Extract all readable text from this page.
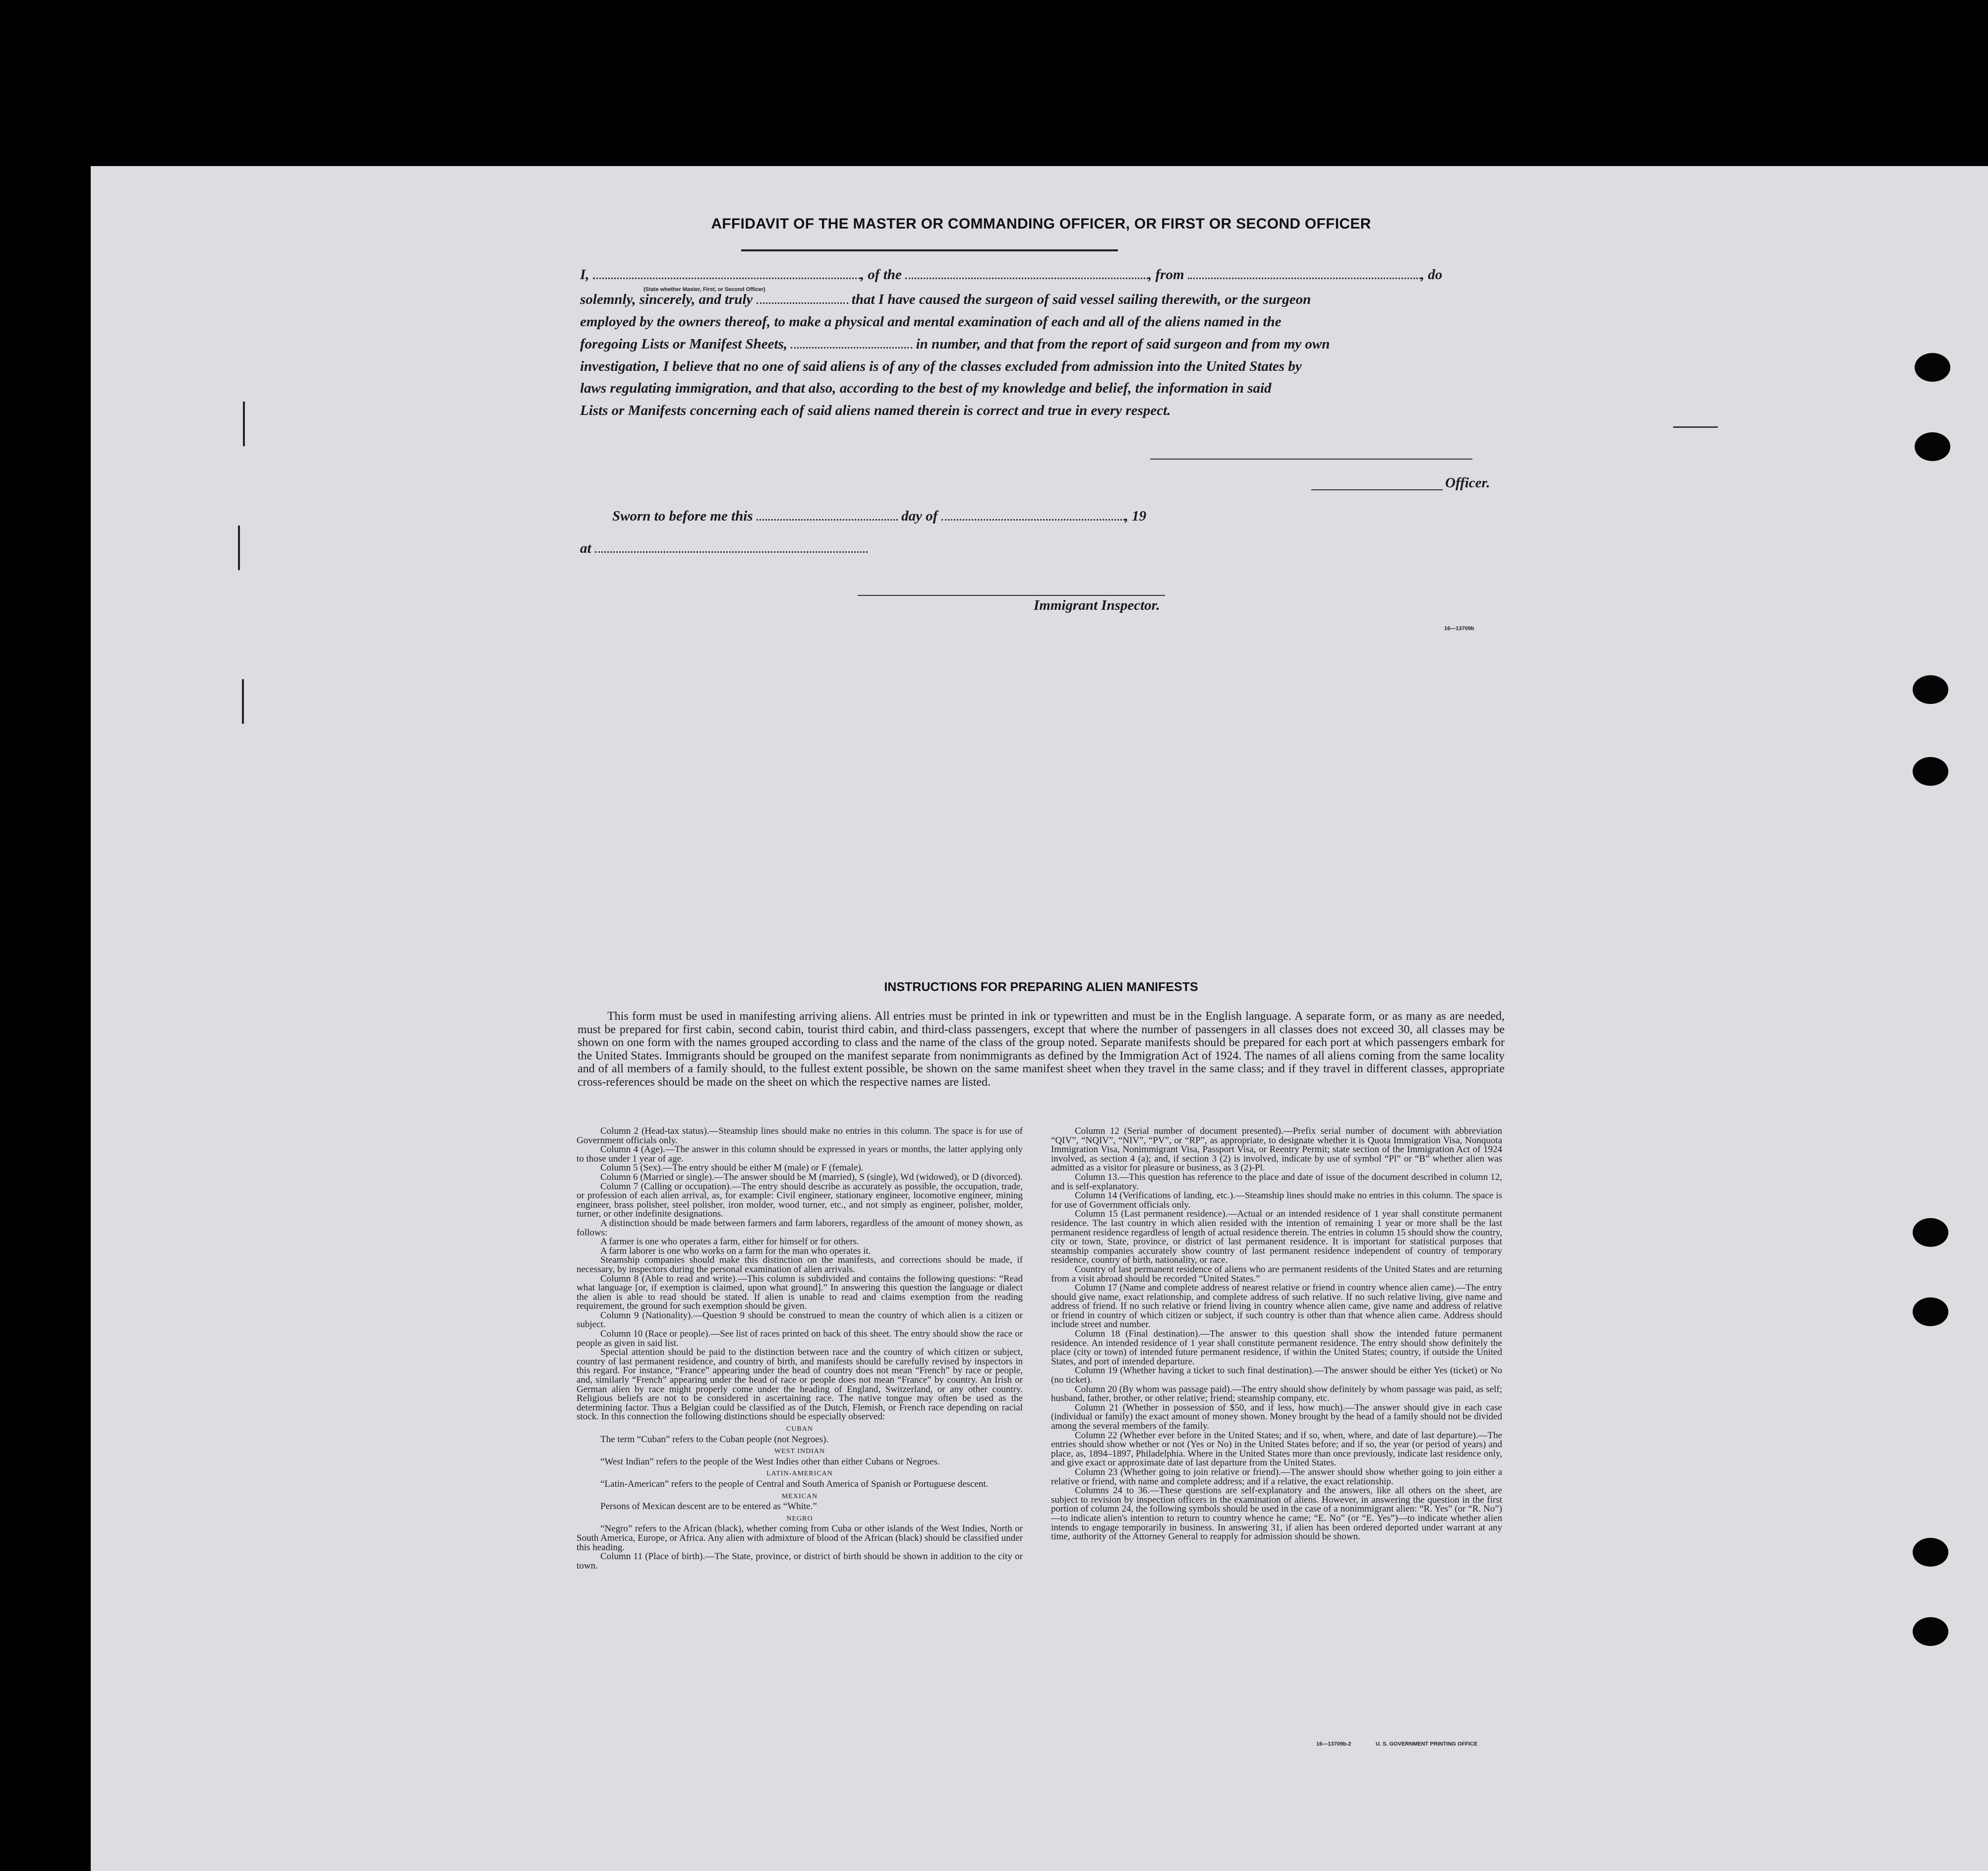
AFFIDAVIT OF THE MASTER OR COMMANDING OFFICER, OR FIRST OR SECOND OFFICER
I,	, of the	, from	, do
(State whether Master, First, or Second Officer)
solemnly, sincerely, and truly	that I have caused the surgeon of said vessel sailing therewith, or the surgeon
employed by the owners thereof, to make a physical and mental examination of each and all of the aliens named in the
foregoing Lists or Manifest Sheets,	in number, and that from the report of said surgeon and from my own
investigation, I believe that no one of said aliens is of any of the classes excluded from admission into the United States by
laws regulating immigration, and that also, according to the best of my knowledge and belief, the information in said
Lists or Manifests concerning each of said aliens named therein is correct and true in every respect.
Officer.
Sworn to before me this	day of	, 19
at
Immigrant Inspector.
16—13709b
INSTRUCTIONS FOR PREPARING ALIEN MANIFESTS
This form must be used in manifesting arriving aliens. All entries must be printed in ink or typewritten and must be in the English language. A separate form, or as many as are needed, must be prepared for first cabin, second cabin, tourist third cabin, and third-class passengers, except that where the number of passengers in all classes does not exceed 30, all classes may be shown on one form with the names grouped according to class and the name of the class of the group noted. Separate manifests should be prepared for each port at which passengers embark for the United States. Immigrants should be grouped on the manifest separate from nonimmigrants as defined by the Immigration Act of 1924. The names of all aliens coming from the same locality and of all members of a family should, to the fullest extent possible, be shown on the same manifest sheet when they travel in the same class; and if they travel in different classes, appropriate cross-references should be made on the sheet on which the respective names are listed.

Column 2 (Head-tax status).—Steamship lines should make no entries in this column. The space is for use of Government officials only.

Column 4 (Age).—The answer in this column should be expressed in years or months, the latter applying only to those under 1 year of age.

Column 5 (Sex).—The entry should be either M (male) or F (female).

Column 6 (Married or single).—The answer should be M (married), S (single), Wd (widowed), or D (divorced).

Column 7 (Calling or occupation).—The entry should describe as accurately as possible, the occupation, trade, or profession of each alien arrival, as, for example: Civil engineer, stationary engineer, locomotive engineer, mining engineer, brass polisher, steel polisher, iron molder, wood turner, etc., and not simply as engineer, polisher, molder, turner, or other indefinite designations.

A distinction should be made between farmers and farm laborers, regardless of the amount of money shown, as follows:

A farmer is one who operates a farm, either for himself or for others.

A farm laborer is one who works on a farm for the man who operates it.

Steamship companies should make this distinction on the manifests, and corrections should be made, if necessary, by inspectors during the personal examination of alien arrivals.

Column 8 (Able to read and write).—This column is subdivided and contains the following questions: “Read what language [or, if exemption is claimed, upon what ground].” In answering this question the language or dialect the alien is able to read should be stated. If alien is unable to read and claims exemption from the reading requirement, the ground for such exemption should be given.

Column 9 (Nationality).—Question 9 should be construed to mean the country of which alien is a citizen or subject.

Column 10 (Race or people).—See list of races printed on back of this sheet. The entry should show the race or people as given in said list.

Special attention should be paid to the distinction between race and the country of which citizen or subject, country of last permanent residence, and country of birth, and manifests should be carefully revised by inspectors in this regard. For instance, “France” appearing under the head of country does not mean “French” by race or people, and, similarly “French” appearing under the head of race or people does not mean “France” by country. An Irish or German alien by race might properly come under the heading of England, Switzerland, or any other country. Religious beliefs are not to be considered in ascertaining race. The native tongue may often be used as the determining factor. Thus a Belgian could be classified as of the Dutch, Flemish, or French race depending on racial stock. In this connection the following distinctions should be especially observed:

CUBAN

The term “Cuban” refers to the Cuban people (not Negroes).

WEST INDIAN

“West Indian” refers to the people of the West Indies other than either Cubans or Negroes.

LATIN-AMERICAN

“Latin-American” refers to the people of Central and South America of Spanish or Portuguese descent.

MEXICAN

Persons of Mexican descent are to be entered as “White.”

NEGRO

“Negro” refers to the African (black), whether coming from Cuba or other islands of the West Indies, North or South America, Europe, or Africa. Any alien with admixture of blood of the African (black) should be classified under this heading.

Column 11 (Place of birth).—The State, province, or district of birth should be shown in addition to the city or town.

Column 12 (Serial number of document presented).—Prefix serial number of document with abbreviation “QIV”, “NQIV”, “NIV”, “PV”, or “RP”, as appropriate, to designate whether it is Quota Immigration Visa, Nonquota Immigration Visa, Nonimmigrant Visa, Passport Visa, or Reentry Permit; state section of the Immigration Act of 1924 involved, as section 4 (a); and, if section 3 (2) is involved, indicate by use of symbol “Pl” or “B” whether alien was admitted as a visitor for pleasure or business, as 3 (2)-Pl.

Column 13.—This question has reference to the place and date of issue of the document described in column 12, and is self-explanatory.

Column 14 (Verifications of landing, etc.).—Steamship lines should make no entries in this column. The space is for use of Government officials only.

Column 15 (Last permanent residence).—Actual or an intended residence of 1 year shall constitute permanent residence. The last country in which alien resided with the intention of remaining 1 year or more shall be the last permanent residence regardless of length of actual residence therein. The entries in column 15 should show the country, city or town, State, province, or district of last permanent residence. It is important for statistical purposes that steamship companies accurately show country of last permanent residence independent of country of temporary residence, country of birth, nationality, or race.

Country of last permanent residence of aliens who are permanent residents of the United States and are returning from a visit abroad should be recorded “United States.”

Column 17 (Name and complete address of nearest relative or friend in country whence alien came).—The entry should give name, exact relationship, and complete address of such relative. If no such relative living, give name and address of friend. If no such relative or friend living in country whence alien came, give name and address of relative or friend in country of which citizen or subject, if such country is other than that whence alien came. Address should include street and number.

Column 18 (Final destination).—The answer to this question shall show the intended future permanent residence. An intended residence of 1 year shall constitute permanent residence. The entry should show definitely the place (city or town) of intended future permanent residence, if within the United States; country, if outside the United States, and port of intended departure.

Column 19 (Whether having a ticket to such final destination).—The answer should be either Yes (ticket) or No (no ticket).

Column 20 (By whom was passage paid).—The entry should show definitely by whom passage was paid, as self; husband, father, brother, or other relative; friend; steamship company, etc.

Column 21 (Whether in possession of $50, and if less, how much).—The answer should give in each case (individual or family) the exact amount of money shown. Money brought by the head of a family should not be divided among the several members of the family.

Column 22 (Whether ever before in the United States; and if so, when, where, and date of last departure).—The entries should show whether or not (Yes or No) in the United States before; and if so, the year (or period of years) and place, as, 1894–1897, Philadelphia. Where in the United States more than once previously, indicate last residence only, and give exact or approximate date of last departure from the United States.

Column 23 (Whether going to join relative or friend).—The answer should show whether going to join either a relative or friend, with name and complete address; and if a relative, the exact relationship.

Columns 24 to 36.—These questions are self-explanatory and the answers, like all others on the sheet, are subject to revision by inspection officers in the examination of aliens. However, in answering the question in the first portion of column 24, the following symbols should be used in the case of a nonimmigrant alien: “R. Yes” (or “R. No”)—to indicate alien's intention to return to country whence he came; “E. No” (or “E. Yes”)—to indicate whether alien intends to engage temporarily in business. In answering 31, if alien has been ordered deported under warrant at any time, authority of the Attorney General to reapply for admission should be shown.

16—13709b-2	U. S. GOVERNMENT PRINTING OFFICE
